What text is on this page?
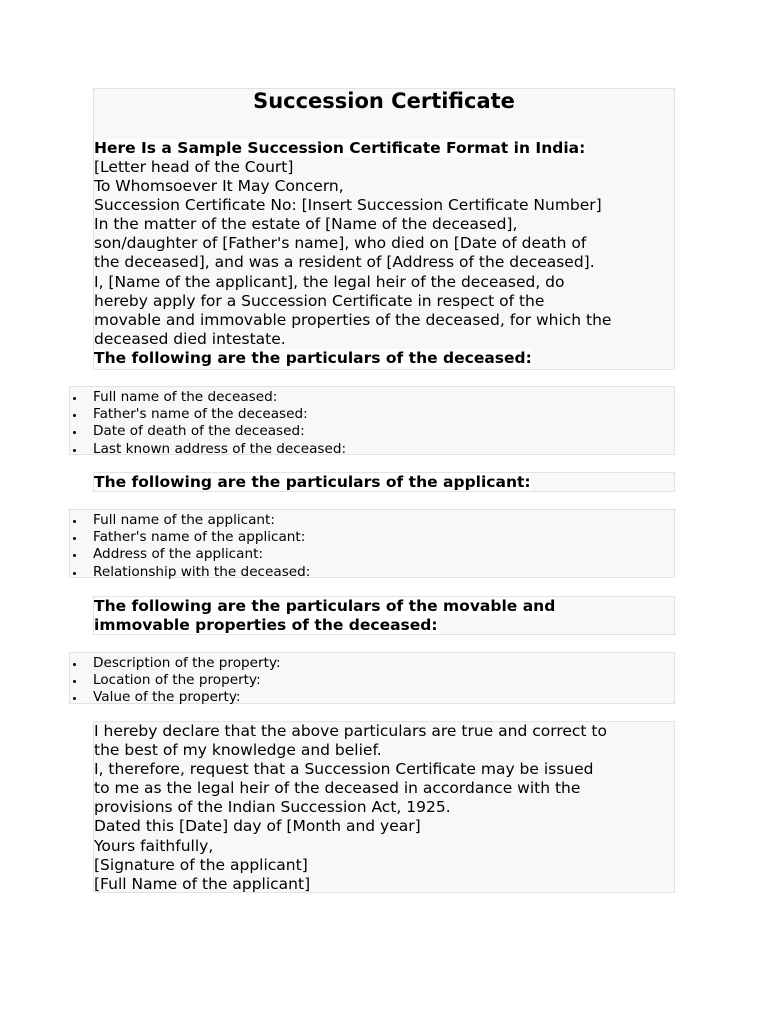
Succession Certificate

Here Is a Sample Succession Certificate Format in India:

[Letter head of the Court]
To Whomsoever It May Concern,
Succession Certificate No: [Insert Succession Certificate Number]
In the matter of the estate of [Name of the deceased],
son/daughter of [Father's name], who died on [Date of death of
the deceased], and was a resident of [Address of the deceased].
I, [Name of the applicant], the legal heir of the deceased, do
hereby apply for a Succession Certificate in respect of the
movable and immovable properties of the deceased, for which the
deceased died intestate.

The following are the particulars of the deceased:

Full name of the deceased:
Father's name of the deceased:
Date of death of the deceased:
Last known address of the deceased:

The following are the particulars of the applicant:

Full name of the applicant:
Father's name of the applicant:
Address of the applicant:
Relationship with the deceased:

The following are the particulars of the movable and
immovable properties of the deceased:

Description of the property:
Location of the property:
Value of the property:
I hereby declare that the above particulars are true and correct to
the best of my knowledge and belief.
I, therefore, request that a Succession Certificate may be issued
to me as the legal heir of the deceased in accordance with the
provisions of the Indian Succession Act, 1925.
Dated this [Date] day of [Month and year]
Yours faithfully,
[Signature of the applicant]
[Full Name of the applicant]
